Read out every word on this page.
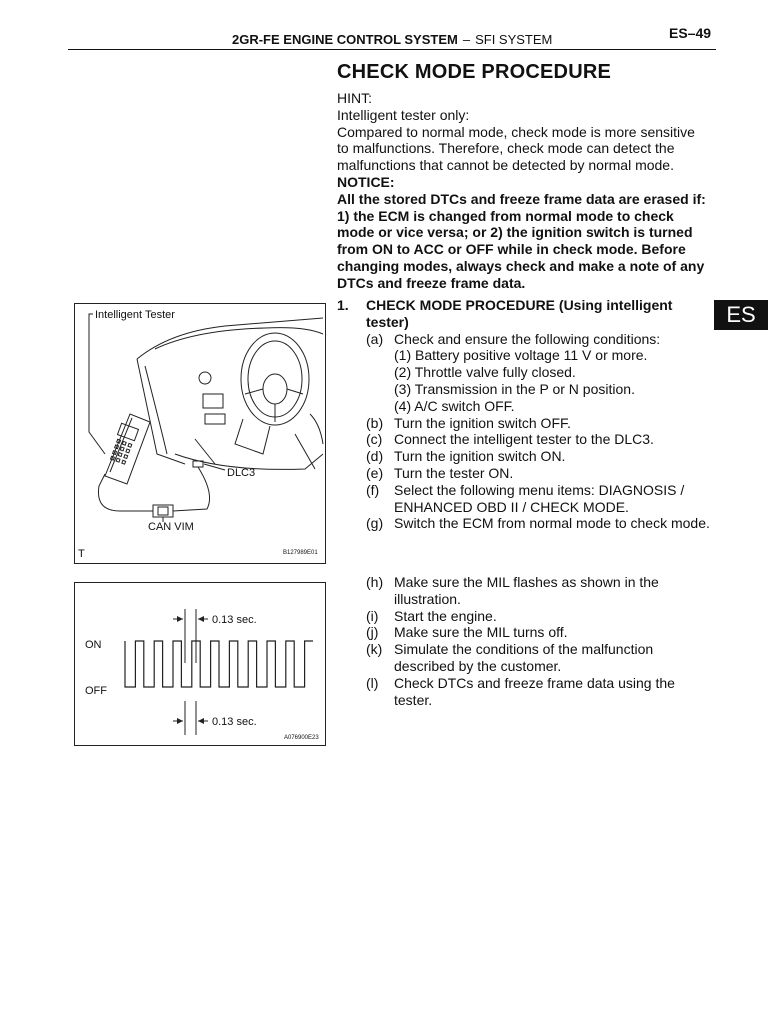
2GR-FE ENGINE CONTROL SYSTEM – SFI SYSTEM	ES–49
ES
CHECK MODE PROCEDURE
HINT:
Intelligent tester only:
Compared to normal mode, check mode is more sensitive to malfunctions. Therefore, check mode can detect the malfunctions that cannot be detected by normal mode.
NOTICE:
All the stored DTCs and freeze frame data are erased if: 1) the ECM is changed from normal mode to check mode or vice versa; or 2) the ignition switch is turned from ON to ACC or OFF while in check mode. Before changing modes, always check and make a note of any DTCs and freeze frame data.
1. CHECK MODE PROCEDURE (Using intelligent tester)
(a) Check and ensure the following conditions:
(1) Battery positive voltage 11 V or more.
(2) Throttle valve fully closed.
(3) Transmission in the P or N position.
(4) A/C switch OFF.
(b) Turn the ignition switch OFF.
(c) Connect the intelligent tester to the DLC3.
(d) Turn the ignition switch ON.
(e) Turn the tester ON.
(f) Select the following menu items: DIAGNOSIS / ENHANCED OBD II / CHECK MODE.
(g) Switch the ECM from normal mode to check mode.
(h) Make sure the MIL flashes as shown in the illustration.
(i) Start the engine.
(j) Make sure the MIL turns off.
(k) Simulate the conditions of the malfunction described by the customer.
(l) Check DTCs and freeze frame data using the tester.
Intelligent Tester
DLC3
CAN VIM
T	B127989E01
0.13 sec.
0.13 sec.
ON
OFF
A076900E23
